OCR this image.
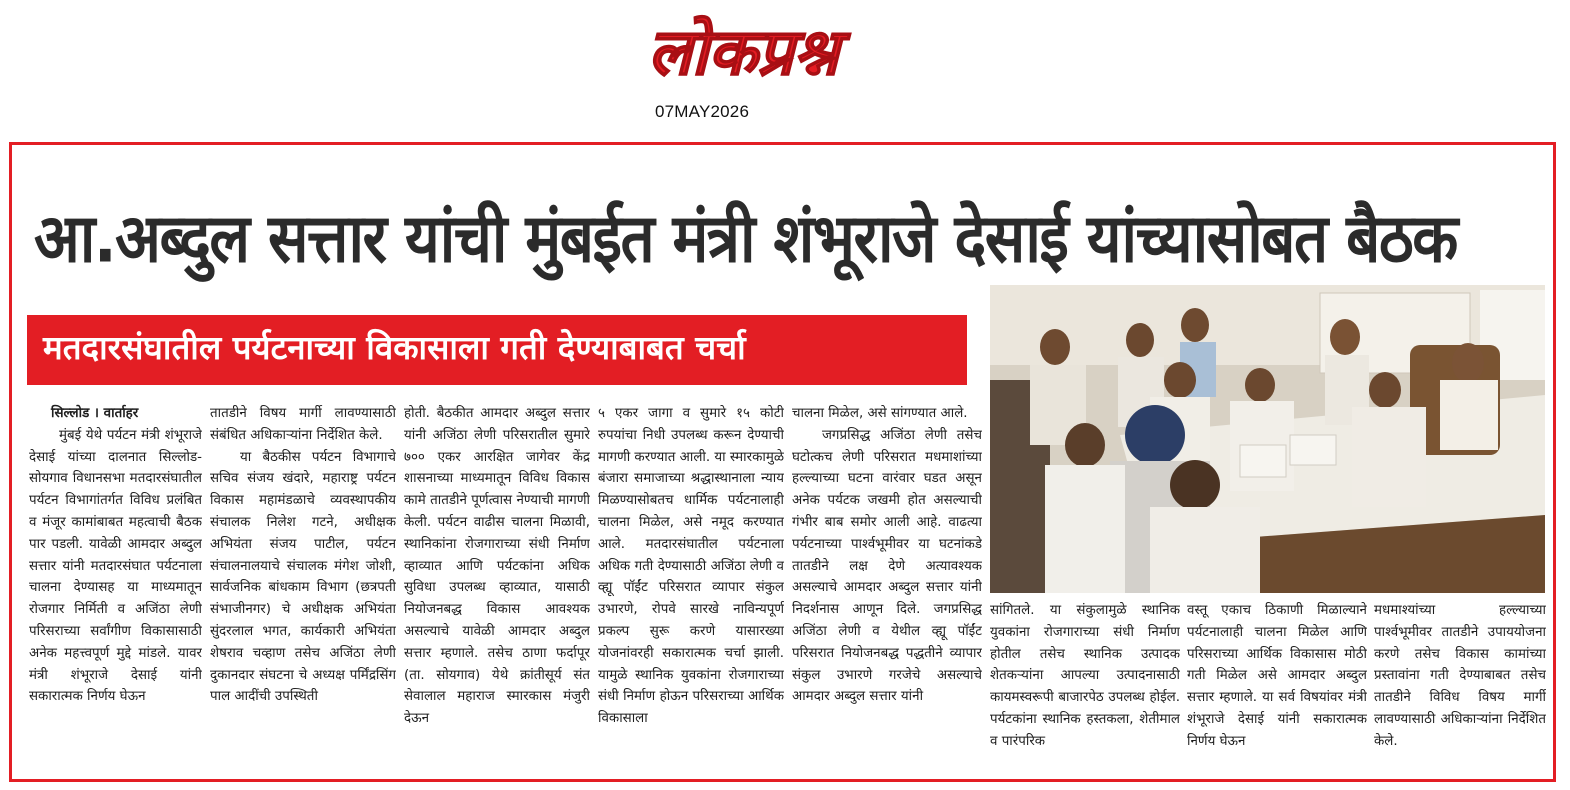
लोकप्रश्न
07MAY2026
आ.अब्दुल सत्तार यांची मुंबईत मंत्री शंभूराजे देसाई यांच्यासोबत बैठक
मतदारसंघातील पर्यटनाच्या विकासाला गती देण्याबाबत चर्चा

सिल्लोड । वार्ताहर

मुंबई येथे पर्यटन मंत्री शंभूराजे देसाई यांच्या दालनात सिल्लोड-सोयगाव विधानसभा मतदारसंघातील पर्यटन विभागांतर्गत विविध प्रलंबित व मंजूर कामांबाबत महत्वाची बैठक पार पडली. यावेळी आमदार अब्दुल सत्तार यांनी मतदारसंघात पर्यटनाला चालना देण्यासह या माध्यमातून रोजगार निर्मिती व अजिंठा लेणी परिसराच्या सर्वांगीण विकासासाठी अनेक महत्त्वपूर्ण मुद्दे मांडले. यावर मंत्री शंभूराजे देसाई यांनी सकारात्मक निर्णय घेऊन

तातडीने विषय मार्गी लावण्यासाठी संबंधित अधिकाऱ्यांना निर्देशित केले.

या बैठकीस पर्यटन विभागाचे सचिव संजय खंदारे, महाराष्ट्र पर्यटन विकास महामंडळाचे व्यवस्थापकीय संचालक निलेश गटने, अधीक्षक अभियंता संजय पाटील, पर्यटन संचालनालयाचे संचालक मंगेश जोशी, सार्वजनिक बांधकाम विभाग (छत्रपती संभाजीनगर) चे अधीक्षक अभियंता सुंदरलाल भगत, कार्यकारी अभियंता शेषराव चव्हाण तसेच अजिंठा लेणी दुकानदार संघटना चे अध्यक्ष पर्मिंद्रसिंग पाल आदींची उपस्थिती

होती. बैठकीत आमदार अब्दुल सत्तार यांनी अजिंठा लेणी परिसरातील सुमारे ७०० एकर आरक्षित जागेवर केंद्र शासनाच्या माध्यमातून विविध विकास कामे तातडीने पूर्णत्वास नेण्याची मागणी केली. पर्यटन वाढीस चालना मिळावी, स्थानिकांना रोजगाराच्या संधी निर्माण व्हाव्यात आणि पर्यटकांना अधिक सुविधा उपलब्ध व्हाव्यात, यासाठी नियोजनबद्ध विकास आवश्यक असल्याचे यावेळी आमदार अब्दुल सत्तार म्हणाले. तसेच ठाणा फर्दापूर (ता. सोयगाव) येथे क्रांतीसूर्य संत सेवालाल महाराज स्मारकास मंजुरी देऊन

५ एकर जागा व सुमारे १५ कोटी रुपयांचा निधी उपलब्ध करून देण्याची मागणी करण्यात आली. या स्मारकामुळे बंजारा समाजाच्या श्रद्धास्थानाला न्याय मिळण्यासोबतच धार्मिक पर्यटनालाही चालना मिळेल, असे नमूद करण्यात आले. मतदारसंघातील पर्यटनाला अधिक गती देण्यासाठी अजिंठा लेणी व व्ह्यू पॉईंट परिसरात व्यापार संकुल उभारणे, रोपवे सारखे नाविन्यपूर्ण प्रकल्प सुरू करणे यासारख्या योजनांवरही सकारात्मक चर्चा झाली. यामुळे स्थानिक युवकांना रोजगाराच्या संधी निर्माण होऊन परिसराच्या आर्थिक विकासाला

चालना मिळेल, असे सांगण्यात आले.

जगप्रसिद्ध अजिंठा लेणी तसेच घटोत्कच लेणी परिसरात मधमाशांच्या हल्ल्याच्या घटना वारंवार घडत असून अनेक पर्यटक जखमी होत असल्याची गंभीर बाब समोर आली आहे. वाढत्या पर्यटनाच्या पार्श्वभूमीवर या घटनांकडे तातडीने लक्ष देणे अत्यावश्यक असल्याचे आमदार अब्दुल सत्तार यांनी निदर्शनास आणून दिले. जगप्रसिद्ध अजिंठा लेणी व येथील व्ह्यू पॉईंट परिसरात नियोजनबद्ध पद्धतीने व्यापार संकुल उभारणे गरजेचे असल्याचे आमदार अब्दुल सत्तार यांनी

सांगितले. या संकुलामुळे स्थानिक युवकांना रोजगाराच्या संधी निर्माण होतील तसेच स्थानिक उत्पादक शेतकऱ्यांना आपल्या उत्पादनासाठी कायमस्वरूपी बाजारपेठ उपलब्ध होईल. पर्यटकांना स्थानिक हस्तकला, शेतीमाल व पारंपरिक

वस्तू एकाच ठिकाणी मिळाल्याने पर्यटनालाही चालना मिळेल आणि परिसराच्या आर्थिक विकासास मोठी गती मिळेल असे आमदार अब्दुल सत्तार म्हणाले. या सर्व विषयांवर मंत्री शंभूराजे देसाई यांनी सकारात्मक निर्णय घेऊन

मधमाश्यांच्या हल्ल्याच्या पार्श्वभूमीवर तातडीने उपाययोजना करणे तसेच विकास कामांच्या प्रस्तावांना गती देण्याबाबत तसेच तातडीने विविध विषय मार्गी लावण्यासाठी अधिकाऱ्यांना निर्देशित केले.
